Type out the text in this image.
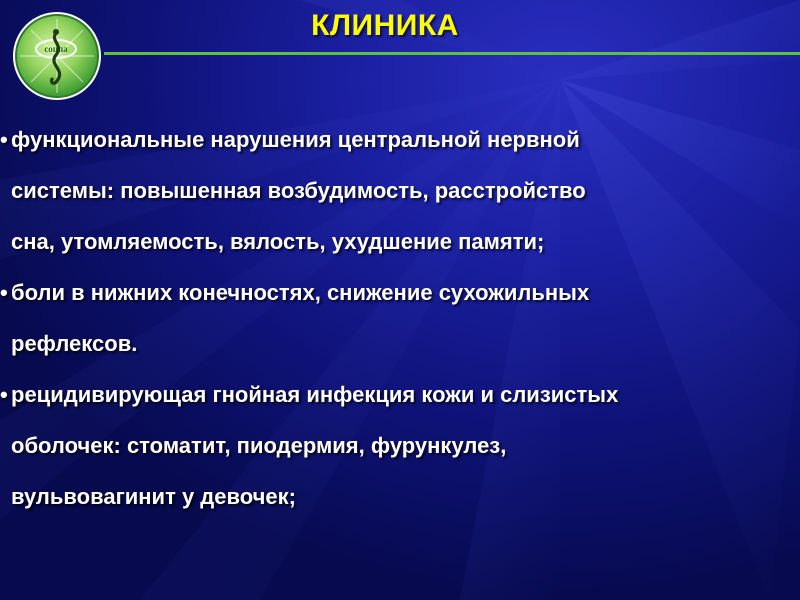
соцпа
КЛИНИКА
• функциональные нарушения центральной нервной
системы: повышенная возбудимость, расстройство
сна, утомляемость, вялость, ухудшение памяти;
• боли в нижних конечностях, снижение сухожильных
рефлексов.
• рецидивирующая гнойная инфекция кожи и слизистых
оболочек: стоматит, пиодермия, фурункулез,
вульвовагинит у девочек;
